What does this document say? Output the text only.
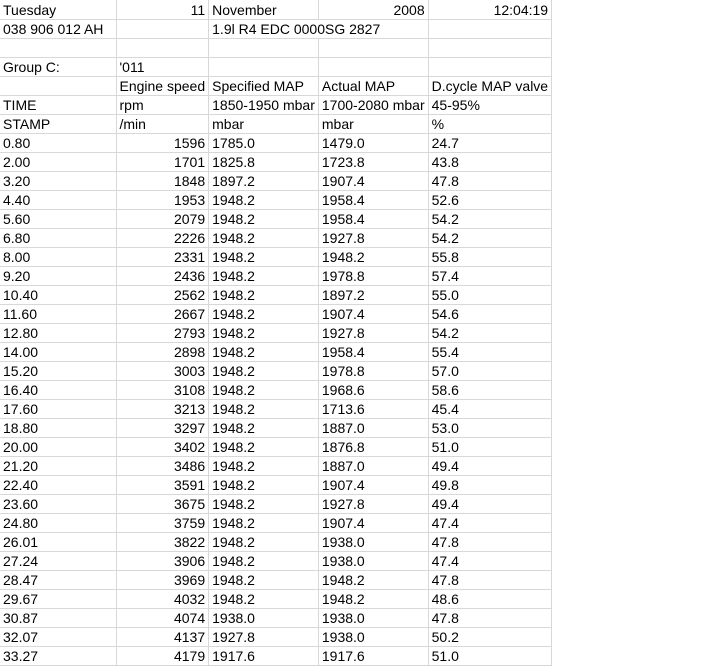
Tuesday	11	November	2008	12:04:19
038 906 012 AH		1.9l R4 EDC 0000SG 2827		

Group C:	'011			
	Engine speed	Specified MAP	Actual MAP	D.cycle MAP valve
TIME	rpm	1850-1950 mbar	1700-2080 mbar	45-95%
STAMP	/min	mbar	mbar	%
0.80	1596	1785.0	1479.0	24.7
2.00	1701	1825.8	1723.8	43.8
3.20	1848	1897.2	1907.4	47.8
4.40	1953	1948.2	1958.4	52.6
5.60	2079	1948.2	1958.4	54.2
6.80	2226	1948.2	1927.8	54.2
8.00	2331	1948.2	1948.2	55.8
9.20	2436	1948.2	1978.8	57.4
10.40	2562	1948.2	1897.2	55.0
11.60	2667	1948.2	1907.4	54.6
12.80	2793	1948.2	1927.8	54.2
14.00	2898	1948.2	1958.4	55.4
15.20	3003	1948.2	1978.8	57.0
16.40	3108	1948.2	1968.6	58.6
17.60	3213	1948.2	1713.6	45.4
18.80	3297	1948.2	1887.0	53.0
20.00	3402	1948.2	1876.8	51.0
21.20	3486	1948.2	1887.0	49.4
22.40	3591	1948.2	1907.4	49.8
23.60	3675	1948.2	1927.8	49.4
24.80	3759	1948.2	1907.4	47.4
26.01	3822	1948.2	1938.0	47.8
27.24	3906	1948.2	1938.0	47.4
28.47	3969	1948.2	1948.2	47.8
29.67	4032	1948.2	1948.2	48.6
30.87	4074	1938.0	1938.0	47.8
32.07	4137	1927.8	1938.0	50.2
33.27	4179	1917.6	1917.6	51.0
